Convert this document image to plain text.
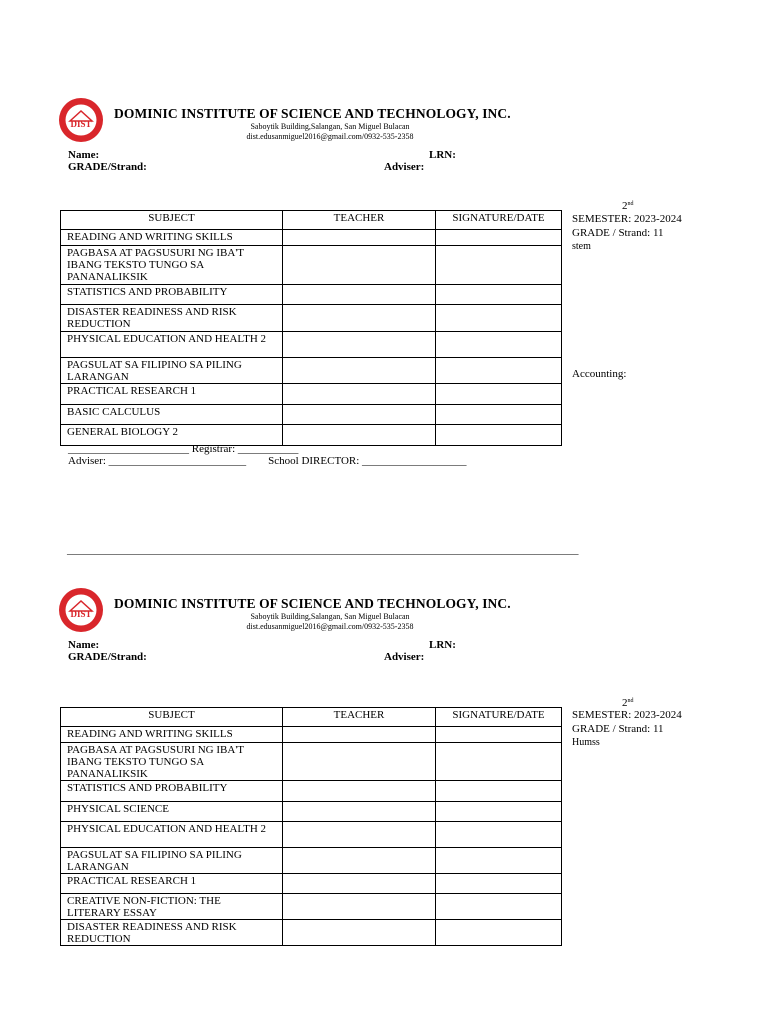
DIST
DOMINIC INSTITUTE OF SCIENCE AND TECHNOLOGY, INC.
Saboytik Building,Salangan, San Miguel Bulacan
dist.edusanmiguel2016@gmail.com/0932-535-2358
Name:
GRADE/Strand:
LRN:
Adviser:
SUBJECT	TEACHER	SIGNATURE/DATE
READING AND WRITING SKILLS		
PAGBASA AT PAGSUSURI NG IBA'T IBANG TEKSTO TUNGO SA PANANALIKSIK		
STATISTICS AND PROBABILITY		
DISASTER READINESS AND RISK REDUCTION		
PHYSICAL EDUCATION AND HEALTH 2		
PAGSULAT SA FILIPINO SA PILING LARANGAN		
PRACTICAL RESEARCH 1		
BASIC CALCULUS		
GENERAL BIOLOGY 2		
2nd
SEMESTER: 2023-2024
GRADE / Strand: 11
stem
Accounting:
______________________ Registrar: ___________
Adviser: _________________________ School DIRECTOR: ___________________
_____________________________________________________________________________________________
DIST
DOMINIC INSTITUTE OF SCIENCE AND TECHNOLOGY, INC.
Saboytik Building,Salangan, San Miguel Bulacan
dist.edusanmiguel2016@gmail.com/0932-535-2358
Name:
GRADE/Strand:
LRN:
Adviser:
SUBJECT	TEACHER	SIGNATURE/DATE
READING AND WRITING SKILLS		
PAGBASA AT PAGSUSURI NG IBA'T IBANG TEKSTO TUNGO SA PANANALIKSIK		
STATISTICS AND PROBABILITY		
PHYSICAL SCIENCE		
PHYSICAL EDUCATION AND HEALTH 2		
PAGSULAT SA FILIPINO SA PILING LARANGAN		
PRACTICAL RESEARCH 1		
CREATIVE NON-FICTION: THE LITERARY ESSAY		
DISASTER READINESS AND RISK REDUCTION		
2nd
SEMESTER: 2023-2024
GRADE / Strand: 11
Humss
